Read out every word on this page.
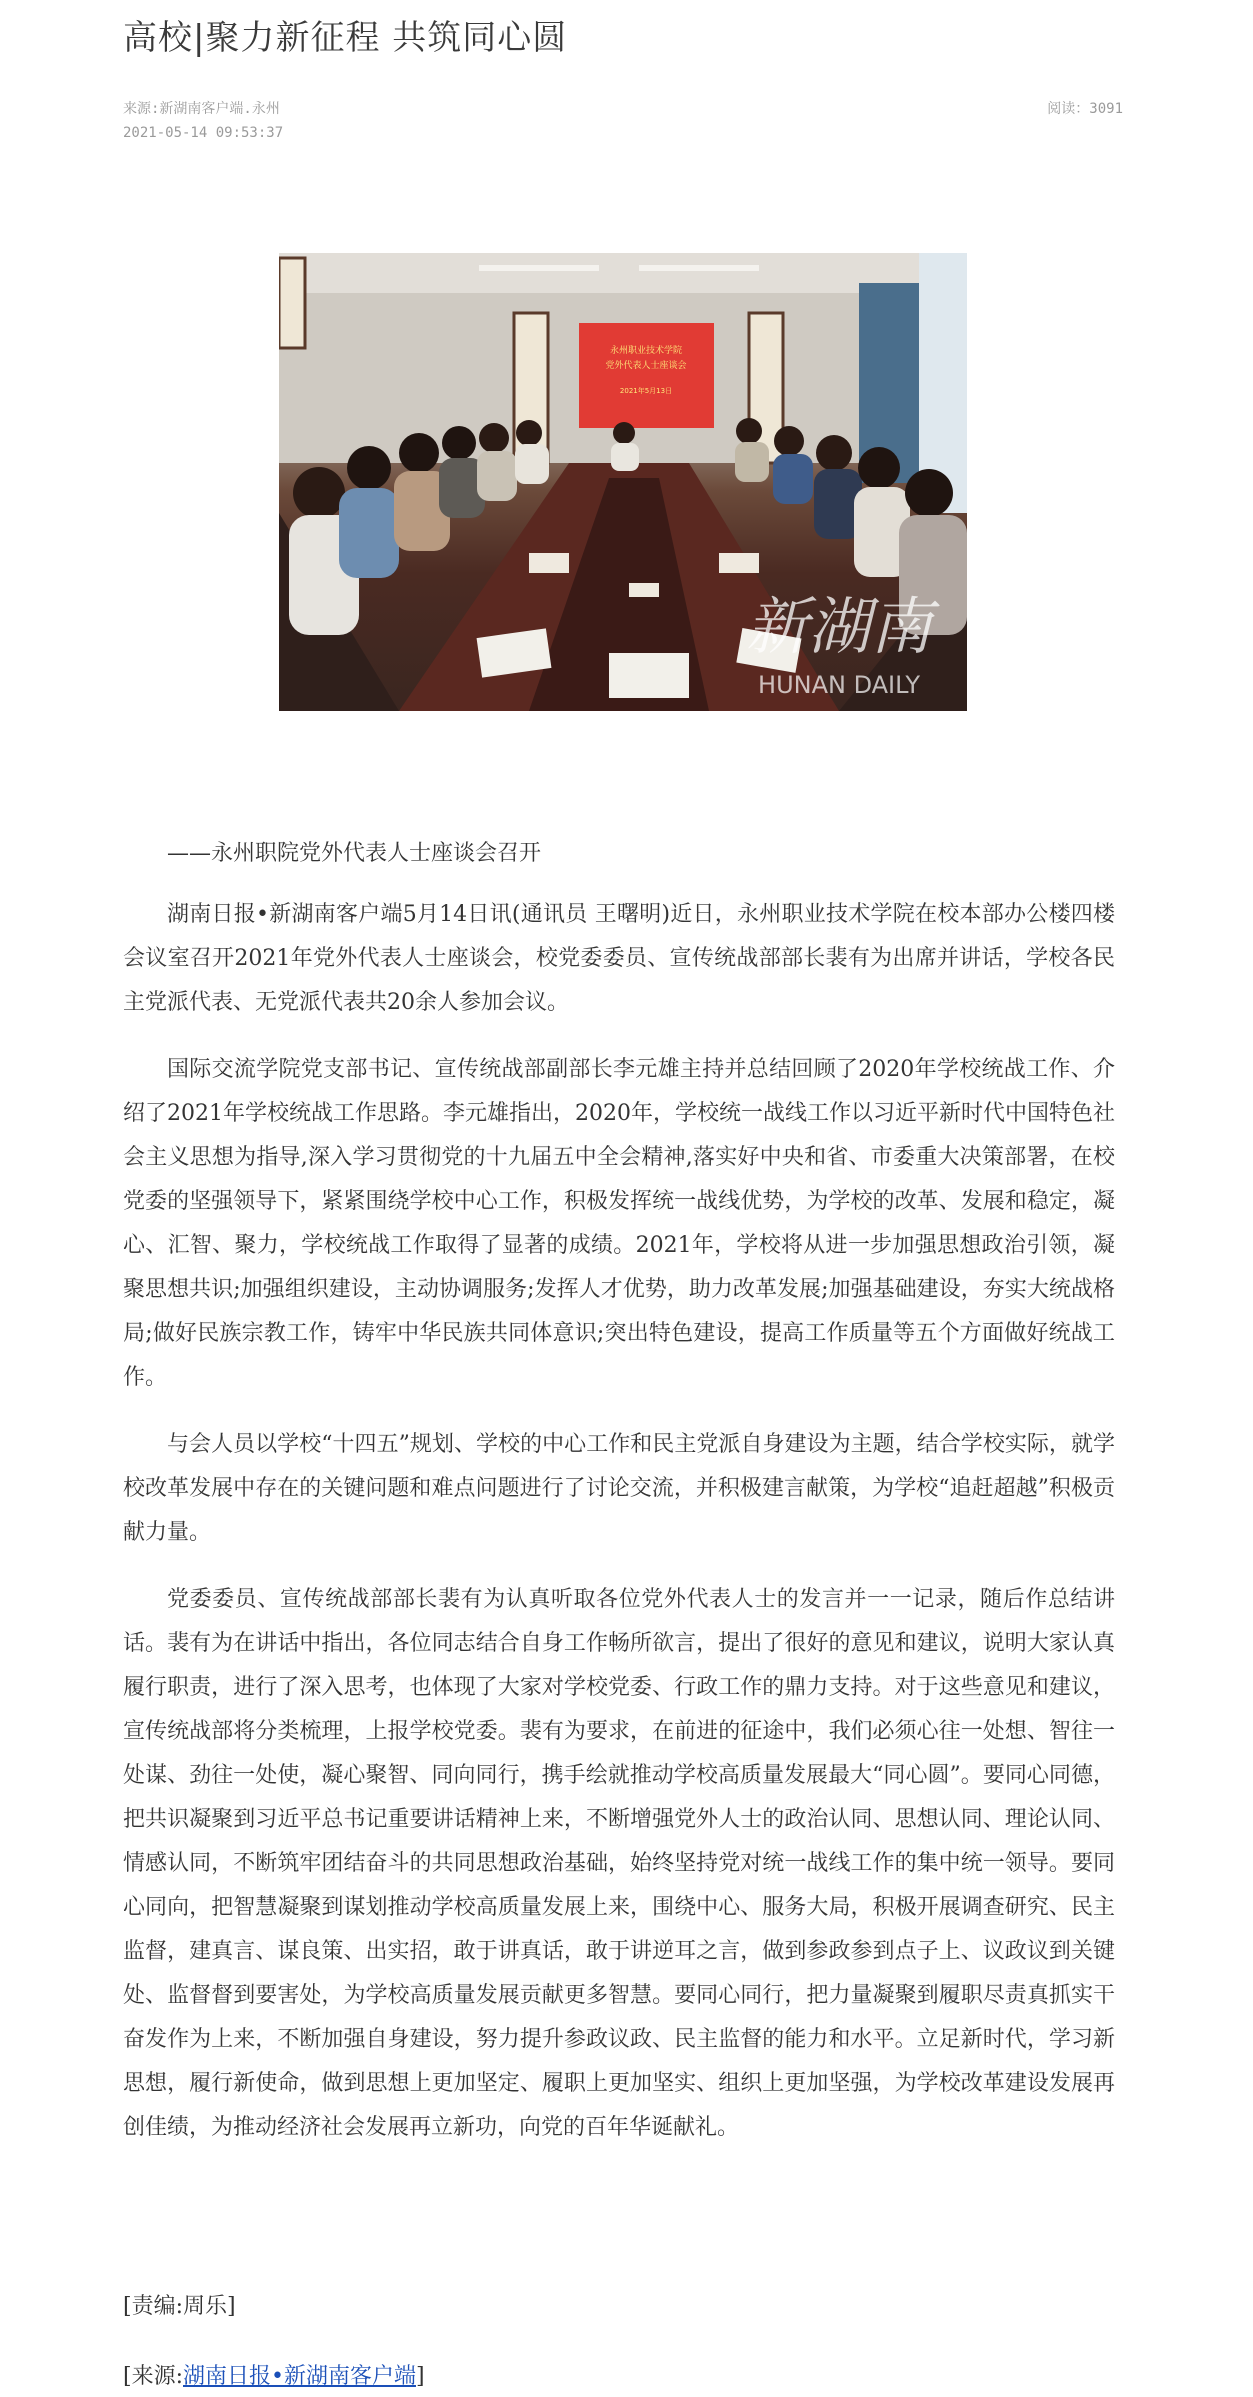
高校|聚力新征程 共筑同心圆
来源:新湖南客户端.永州
2021-05-14 09:53:37
阅读：3091
永州职业技术学院
党外代表人士座谈会
2021年5月13日
新湖南
HUNAN DAILY

——永州职院党外代表人士座谈会召开

湖南日报•新湖南客户端5月14日讯(通讯员 王曙明)近日，永州职业技术学院在校本部办公楼四楼会议室召开2021年党外代表人士座谈会，校党委委员、宣传统战部部长裴有为出席并讲话，学校各民主党派代表、无党派代表共20余人参加会议。

国际交流学院党支部书记、宣传统战部副部长李元雄主持并总结回顾了2020年学校统战工作、介绍了2021年学校统战工作思路。李元雄指出，2020年，学校统一战线工作以习近平新时代中国特色社会主义思想为指导,深入学习贯彻党的十九届五中全会精神,落实好中央和省、市委重大决策部署，在校党委的坚强领导下，紧紧围绕学校中心工作，积极发挥统一战线优势，为学校的改革、发展和稳定，凝心、汇智、聚力，学校统战工作取得了显著的成绩。2021年，学校将从进一步加强思想政治引领，凝聚思想共识;加强组织建设，主动协调服务;发挥人才优势，助力改革发展;加强基础建设，夯实大统战格局;做好民族宗教工作，铸牢中华民族共同体意识;突出特色建设，提高工作质量等五个方面做好统战工作。

与会人员以学校“十四五”规划、学校的中心工作和民主党派自身建设为主题，结合学校实际，就学校改革发展中存在的关键问题和难点问题进行了讨论交流，并积极建言献策，为学校“追赶超越”积极贡献力量。

党委委员、宣传统战部部长裴有为认真听取各位党外代表人士的发言并一一记录，随后作总结讲话。裴有为在讲话中指出，各位同志结合自身工作畅所欲言，提出了很好的意见和建议，说明大家认真履行职责，进行了深入思考，也体现了大家对学校党委、行政工作的鼎力支持。对于这些意见和建议，宣传统战部将分类梳理，上报学校党委。裴有为要求，在前进的征途中，我们必须心往一处想、智往一处谋、劲往一处使，凝心聚智、同向同行，携手绘就推动学校高质量发展最大“同心圆”。要同心同德，把共识凝聚到习近平总书记重要讲话精神上来，不断增强党外人士的政治认同、思想认同、理论认同、情感认同，不断筑牢团结奋斗的共同思想政治基础，始终坚持党对统一战线工作的集中统一领导。要同心同向，把智慧凝聚到谋划推动学校高质量发展上来，围绕中心、服务大局，积极开展调查研究、民主监督，建真言、谋良策、出实招，敢于讲真话，敢于讲逆耳之言，做到参政参到点子上、议政议到关键处、监督督到要害处，为学校高质量发展贡献更多智慧。要同心同行，把力量凝聚到履职尽责真抓实干奋发作为上来，不断加强自身建设，努力提升参政议政、民主监督的能力和水平。立足新时代，学习新思想，履行新使命，做到思想上更加坚定、履职上更加坚实、组织上更加坚强，为学校改革建设发展再创佳绩，为推动经济社会发展再立新功，向党的百年华诞献礼。

[责编:周乐]
[来源:湖南日报•新湖南客户端]
